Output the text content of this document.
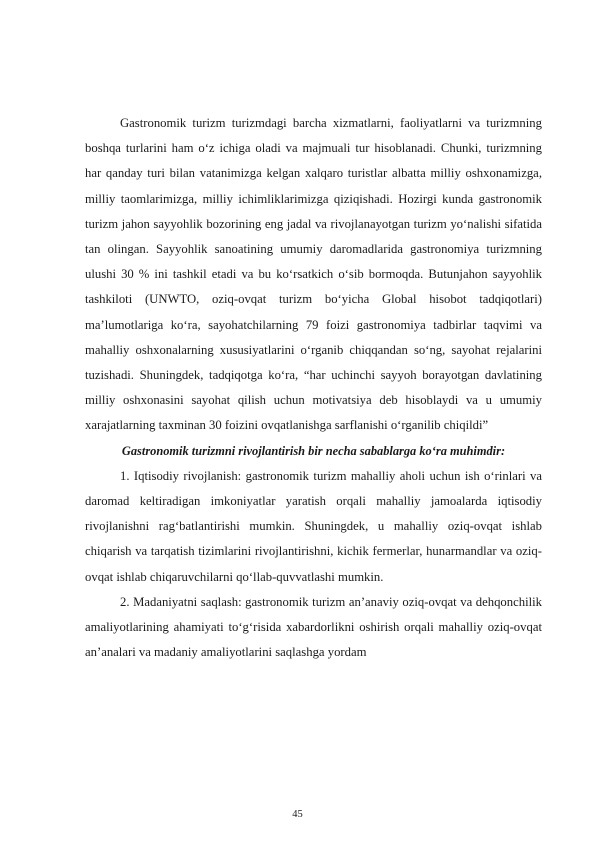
Gastronomik turizm turizmdagi barcha xizmatlarni, faoliyatlarni va turizmning boshqa turlarini ham o‘z ichiga oladi va majmuali tur hisoblanadi. Chunki, turizmning har qanday turi bilan vatanimizga kelgan xalqaro turistlar albatta milliy oshxonamizga, milliy taomlarimizga, milliy ichimliklarimizga qiziqishadi. Hozirgi kunda gastronomik turizm jahon sayyohlik bozorining eng jadal va rivojlanayotgan turizm yo‘nalishi sifatida tan olingan. Sayyohlik sanoatining umumiy daromadlarida gastronomiya turizmning ulushi 30 % ini tashkil etadi va bu ko‘rsatkich o‘sib bormoqda. Butunjahon sayyohlik tashkiloti (UNWTO, oziq-ovqat turizm bo‘yicha Global hisobot tadqiqotlari) ma’lumotlariga ko‘ra, sayohatchilarning 79 foizi gastronomiya tadbirlar taqvimi va mahalliy oshxonalarning xususiyatlarini o‘rganib chiqqandan so‘ng, sayohat rejalarini tuzishadi. Shuningdek, tadqiqotga ko‘ra, “har uchinchi sayyoh borayotgan davlatining milliy oshxonasini sayohat qilish uchun motivatsiya deb hisoblaydi va u umumiy xarajatlarning taxminan 30 foizini ovqatlanishga sarflanishi o‘rganilib chiqildi”

Gastronomik turizmni rivojlantirish bir necha sabablarga ko‘ra muhimdir:

1. Iqtisodiy rivojlanish: gastronomik turizm mahalliy aholi uchun ish o‘rinlari va daromad keltiradigan imkoniyatlar yaratish orqali mahalliy jamoalarda iqtisodiy rivojlanishni rag‘batlantirishi mumkin. Shuningdek, u mahalliy oziq-ovqat ishlab chiqarish va tarqatish tizimlarini rivojlantirishni, kichik fermerlar, hunarmandlar va oziq-ovqat ishlab chiqaruvchilarni qo‘llab-quvvatlashi mumkin.

2. Madaniyatni saqlash: gastronomik turizm an’anaviy oziq-ovqat va dehqonchilik amaliyotlarining ahamiyati to‘g‘risida xabardorlikni oshirish orqali mahalliy oziq-ovqat an’analari va madaniy amaliyotlarini saqlashga yordam

45
